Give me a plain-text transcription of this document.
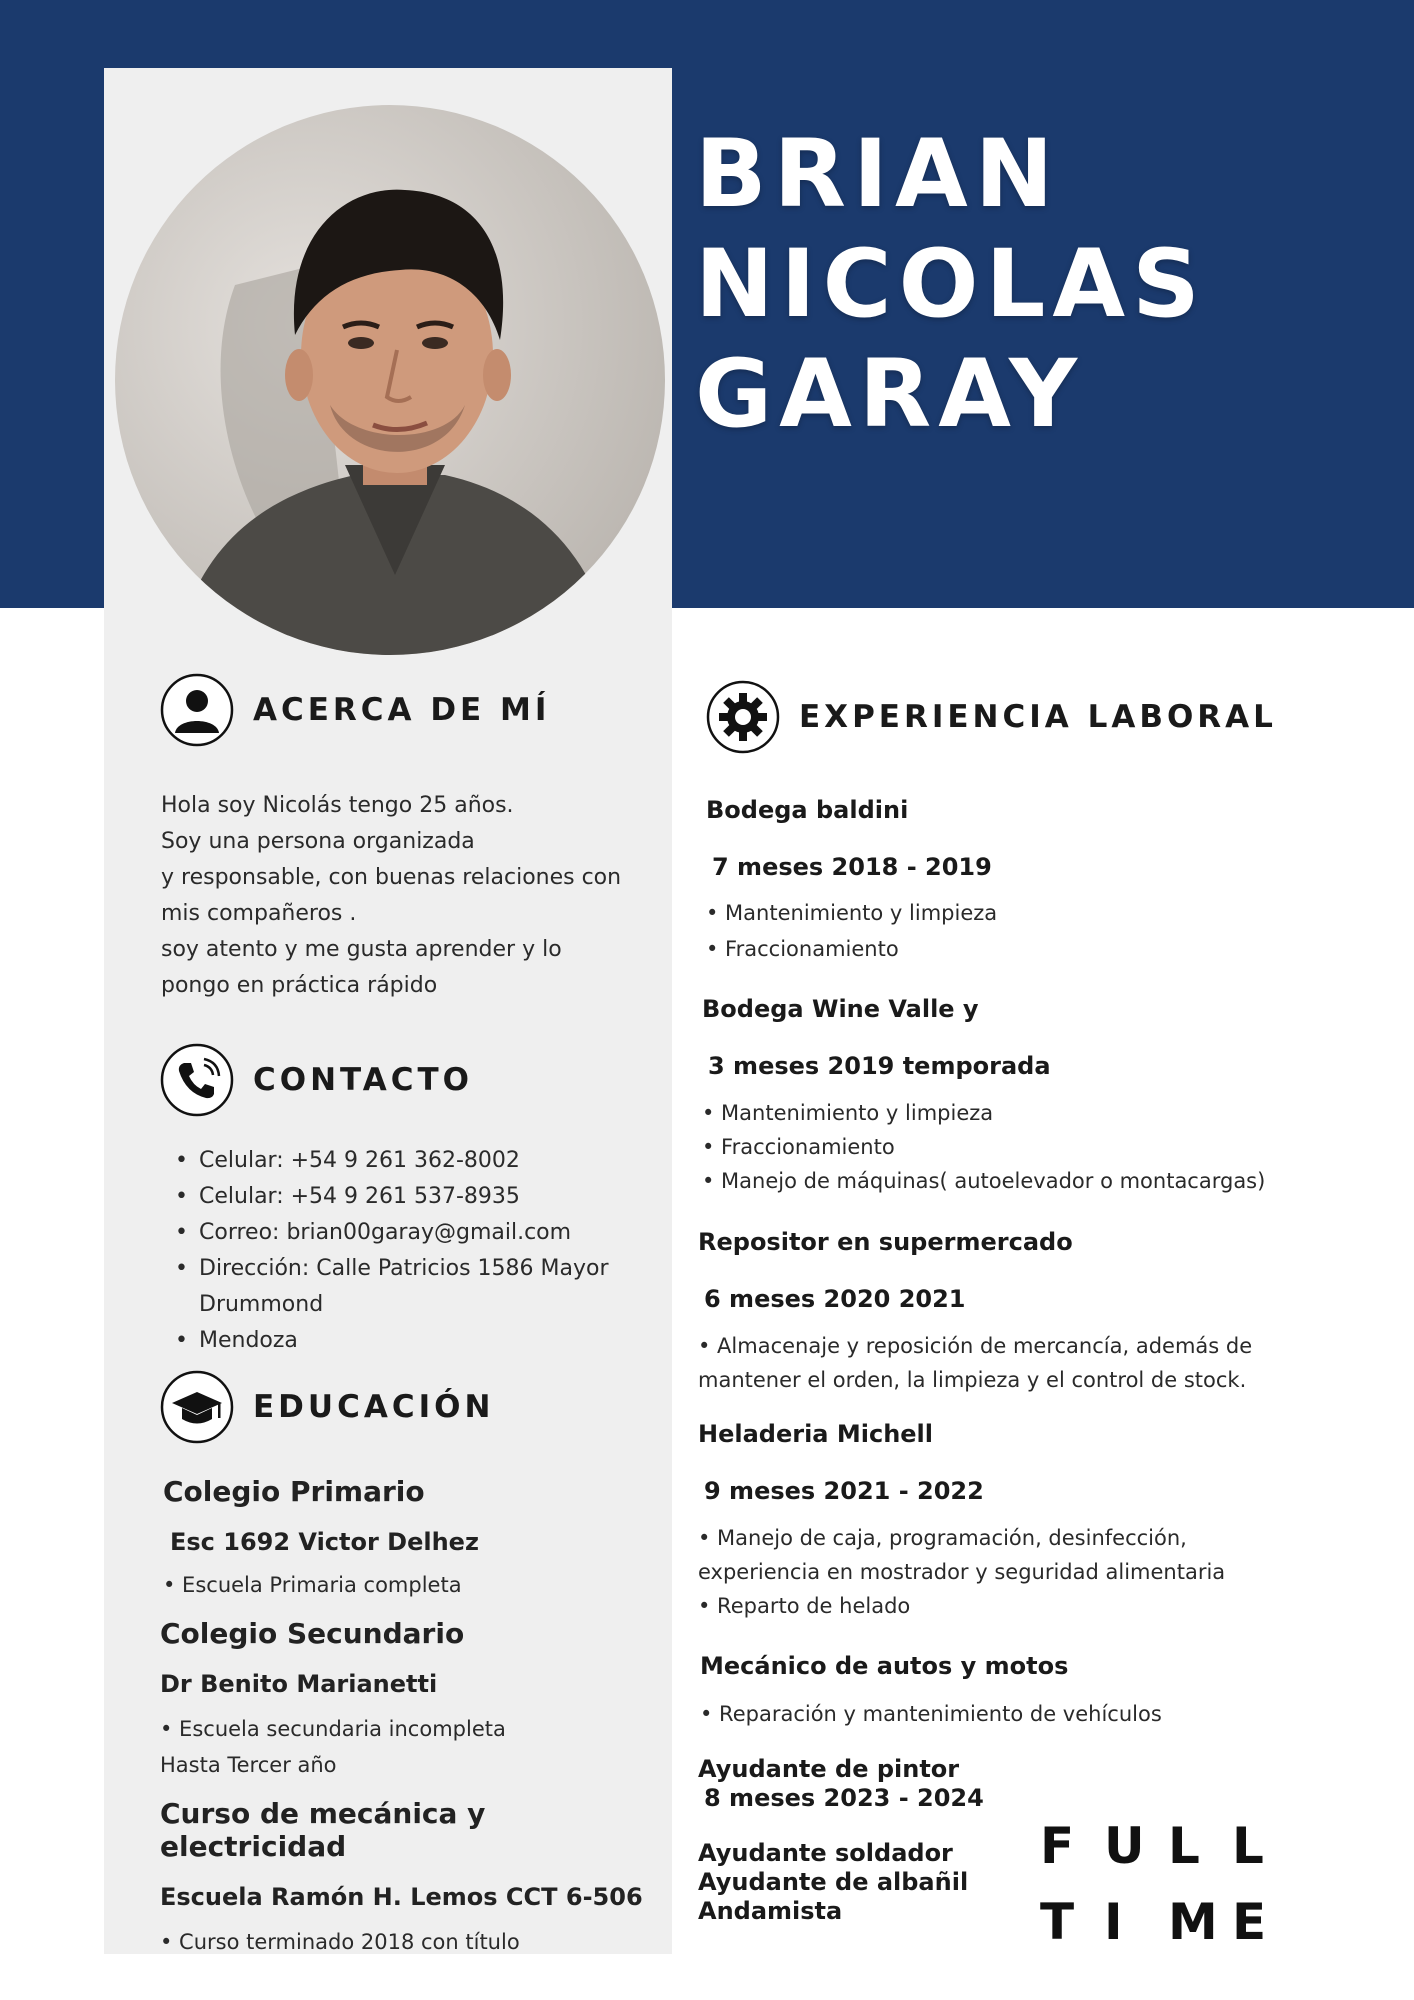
BRIAN
NICOLAS
GARAY
ACERCA DE MÍ
Hola soy Nicolás tengo 25 años.
Soy una persona organizada
y responsable, con buenas relaciones con
mis compañeros .
soy atento y me gusta aprender y lo
pongo en práctica rápido
CONTACTO
• Celular: +54 9 261 362-8002
• Celular: +54 9 261 537-8935
• Correo: brian00garay@gmail.com
• Dirección: Calle Patricios 1586 Mayor Drummond
• Mendoza
EDUCACIÓN
Colegio Primario
Esc 1692 Victor Delhez
• Escuela Primaria completa
Colegio Secundario
Dr Benito Marianetti
• Escuela secundaria incompleta
Hasta Tercer año
Curso de mecánica y
electricidad
Escuela Ramón H. Lemos CCT 6-506
• Curso terminado 2018 con título
EXPERIENCIA LABORAL
Bodega baldini
7 meses 2018 - 2019
• Mantenimiento y limpieza
• Fraccionamiento
Bodega Wine Valle y
3 meses 2019 temporada
• Mantenimiento y limpieza
• Fraccionamiento
• Manejo de máquinas( autoelevador o montacargas)
Repositor en supermercado
6 meses 2020 2021
• Almacenaje y reposición de mercancía, además de
mantener el orden, la limpieza y el control de stock.
Heladeria Michell
9 meses 2021 - 2022
• Manejo de caja, programación, desinfección,
experiencia en mostrador y seguridad alimentaria
• Reparto de helado
Mecánico de autos y motos
• Reparación y mantenimiento de vehículos
Ayudante de pintor
8 meses 2023 - 2024
Ayudante soldador
Ayudante de albañil
Andamista
F U L L
T I M E
